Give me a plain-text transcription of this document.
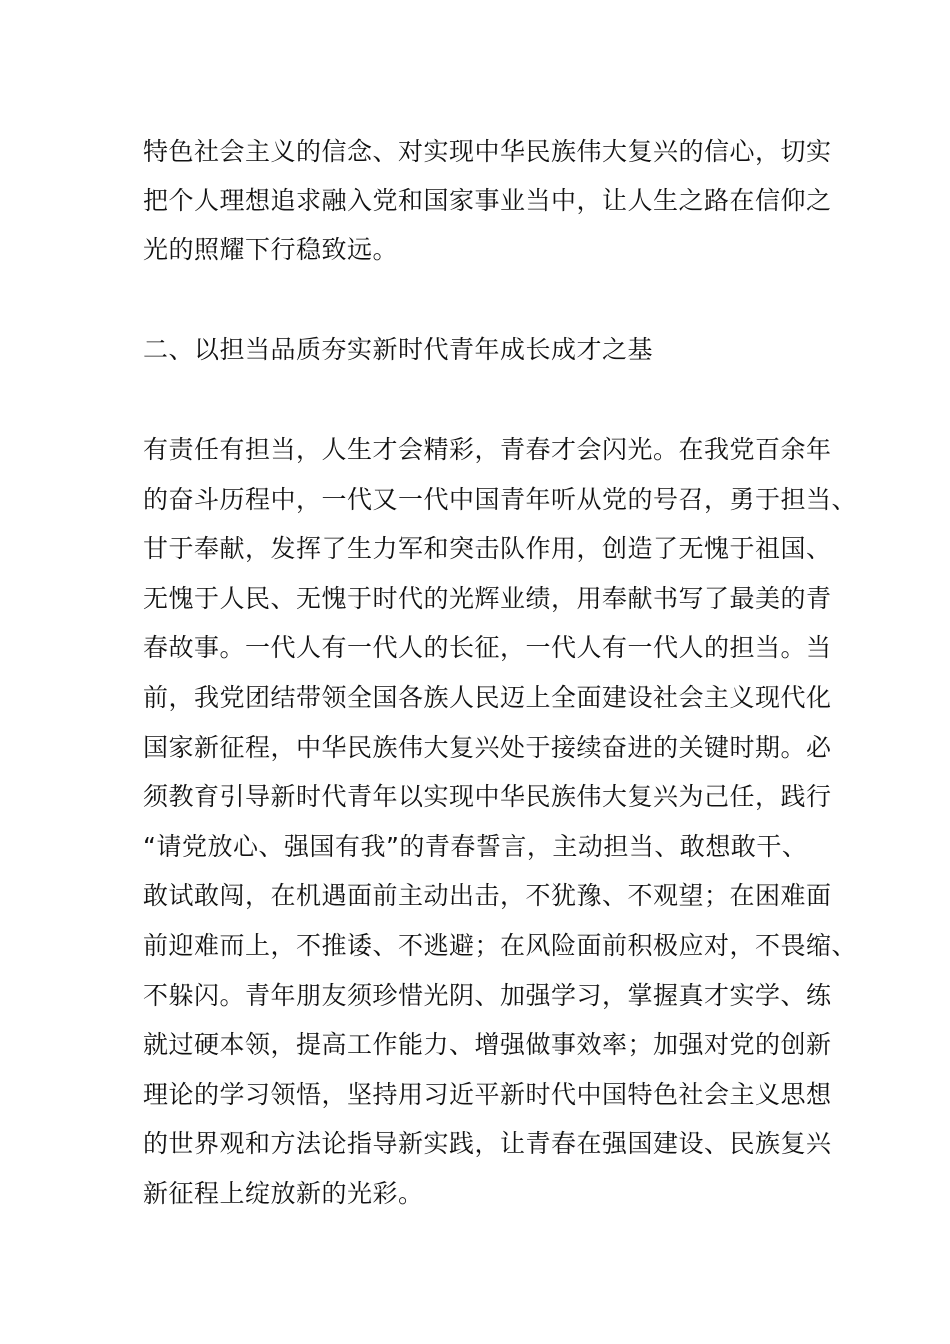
特色社会主义的信念、对实现中华民族伟大复兴的信心，切实
把个人理想追求融入党和国家事业当中，让人生之路在信仰之
光的照耀下行稳致远。
二、以担当品质夯实新时代青年成长成才之基
有责任有担当，人生才会精彩，青春才会闪光。在我党百余年
的奋斗历程中，一代又一代中国青年听从党的号召，勇于担当、
甘于奉献，发挥了生力军和突击队作用，创造了无愧于祖国、
无愧于人民、无愧于时代的光辉业绩，用奉献书写了最美的青
春故事。一代人有一代人的长征，一代人有一代人的担当。当
前，我党团结带领全国各族人民迈上全面建设社会主义现代化
国家新征程，中华民族伟大复兴处于接续奋进的关键时期。必
须教育引导新时代青年以实现中华民族伟大复兴为己任，践行
“请党放心、强国有我”的青春誓言，主动担当、敢想敢干、
敢试敢闯，在机遇面前主动出击，不犹豫、不观望；在困难面
前迎难而上，不推诿、不逃避；在风险面前积极应对，不畏缩、
不躲闪。青年朋友须珍惜光阴、加强学习，掌握真才实学、练
就过硬本领，提高工作能力、增强做事效率；加强对党的创新
理论的学习领悟，坚持用习近平新时代中国特色社会主义思想
的世界观和方法论指导新实践，让青春在强国建设、民族复兴
新征程上绽放新的光彩。
